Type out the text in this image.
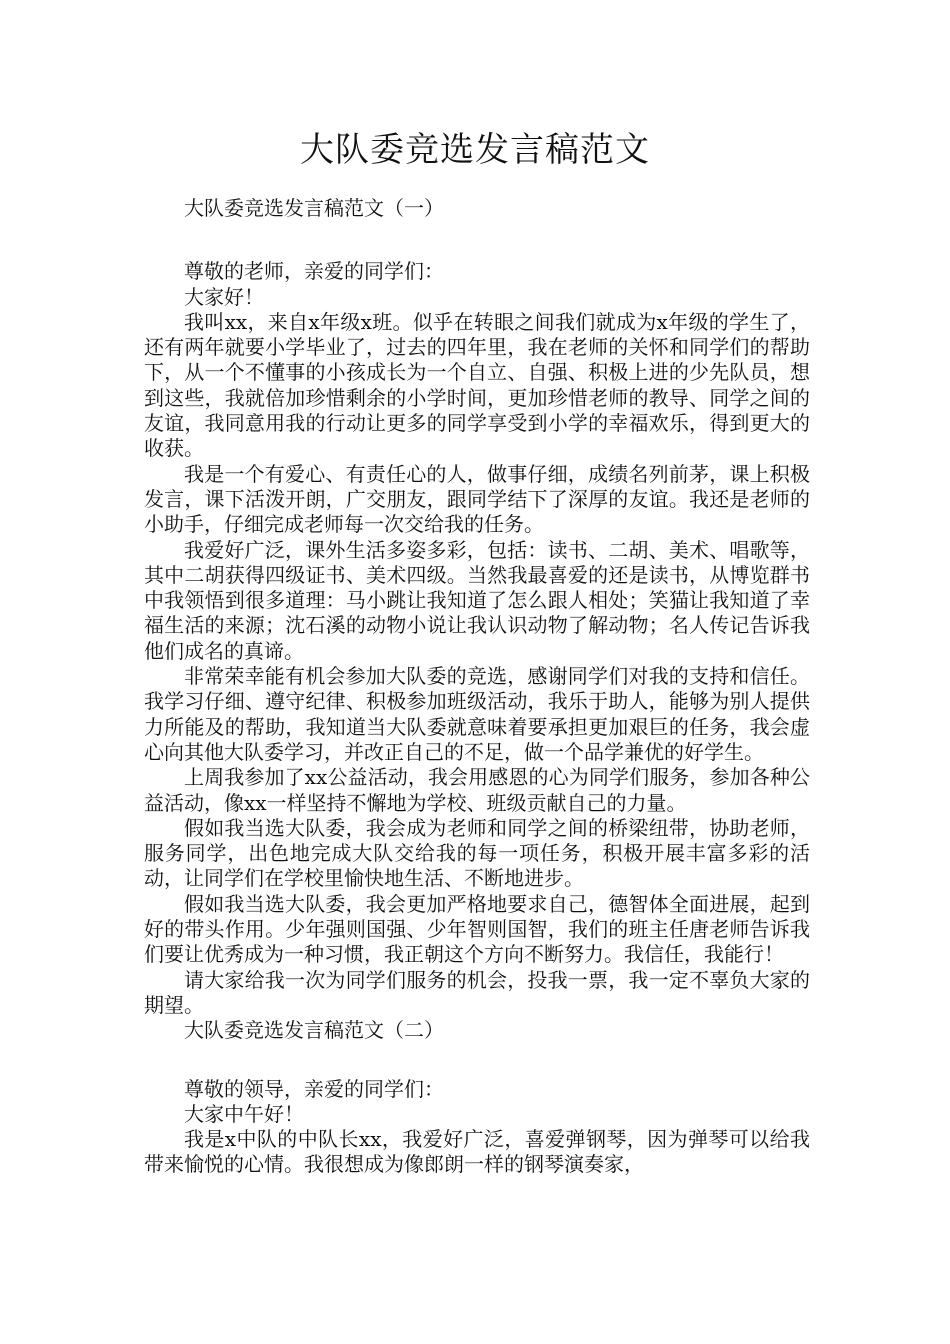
大队委竞选发言稿范文

大队委竞选发言稿范文（一）

尊敬的老师，亲爱的同学们：

大家好！

我叫xx，来自x年级x班。似乎在转眼之间我们就成为x年级的学生了，还有两年就要小学毕业了，过去的四年里，我在老师的关怀和同学们的帮助下，从一个不懂事的小孩成长为一个自立、自强、积极上进的少先队员，想到这些，我就倍加珍惜剩余的小学时间，更加珍惜老师的教导、同学之间的友谊，我同意用我的行动让更多的同学享受到小学的幸福欢乐，得到更大的收获。

我是一个有爱心、有责任心的人，做事仔细，成绩名列前茅，课上积极发言，课下活泼开朗，广交朋友，跟同学结下了深厚的友谊。我还是老师的小助手，仔细完成老师每一次交给我的任务。

我爱好广泛，课外生活多姿多彩，包括：读书、二胡、美术、唱歌等，其中二胡获得四级证书、美术四级。当然我最喜爱的还是读书，从博览群书中我领悟到很多道理：马小跳让我知道了怎么跟人相处；笑猫让我知道了幸福生活的来源；沈石溪的动物小说让我认识动物了解动物；名人传记告诉我他们成名的真谛。

非常荣幸能有机会参加大队委的竞选，感谢同学们对我的支持和信任。我学习仔细、遵守纪律、积极参加班级活动，我乐于助人，能够为别人提供力所能及的帮助，我知道当大队委就意味着要承担更加艰巨的任务，我会虚心向其他大队委学习，并改正自己的不足，做一个品学兼优的好学生。

上周我参加了xx公益活动，我会用感恩的心为同学们服务，参加各种公益活动，像xx一样坚持不懈地为学校、班级贡献自己的力量。

假如我当选大队委，我会成为老师和同学之间的桥梁纽带，协助老师，服务同学，出色地完成大队交给我的每一项任务，积极开展丰富多彩的活动，让同学们在学校里愉快地生活、不断地进步。

假如我当选大队委，我会更加严格地要求自己，德智体全面进展，起到好的带头作用。少年强则国强、少年智则国智，我们的班主任唐老师告诉我们要让优秀成为一种习惯，我正朝这个方向不断努力。我信任，我能行！

请大家给我一次为同学们服务的机会，投我一票，我一定不辜负大家的期望。

大队委竞选发言稿范文（二）

尊敬的领导，亲爱的同学们：

大家中午好！

我是x中队的中队长xx，我爱好广泛，喜爱弹钢琴，因为弹琴可以给我带来愉悦的心情。我很想成为像郎朗一样的钢琴演奏家，
